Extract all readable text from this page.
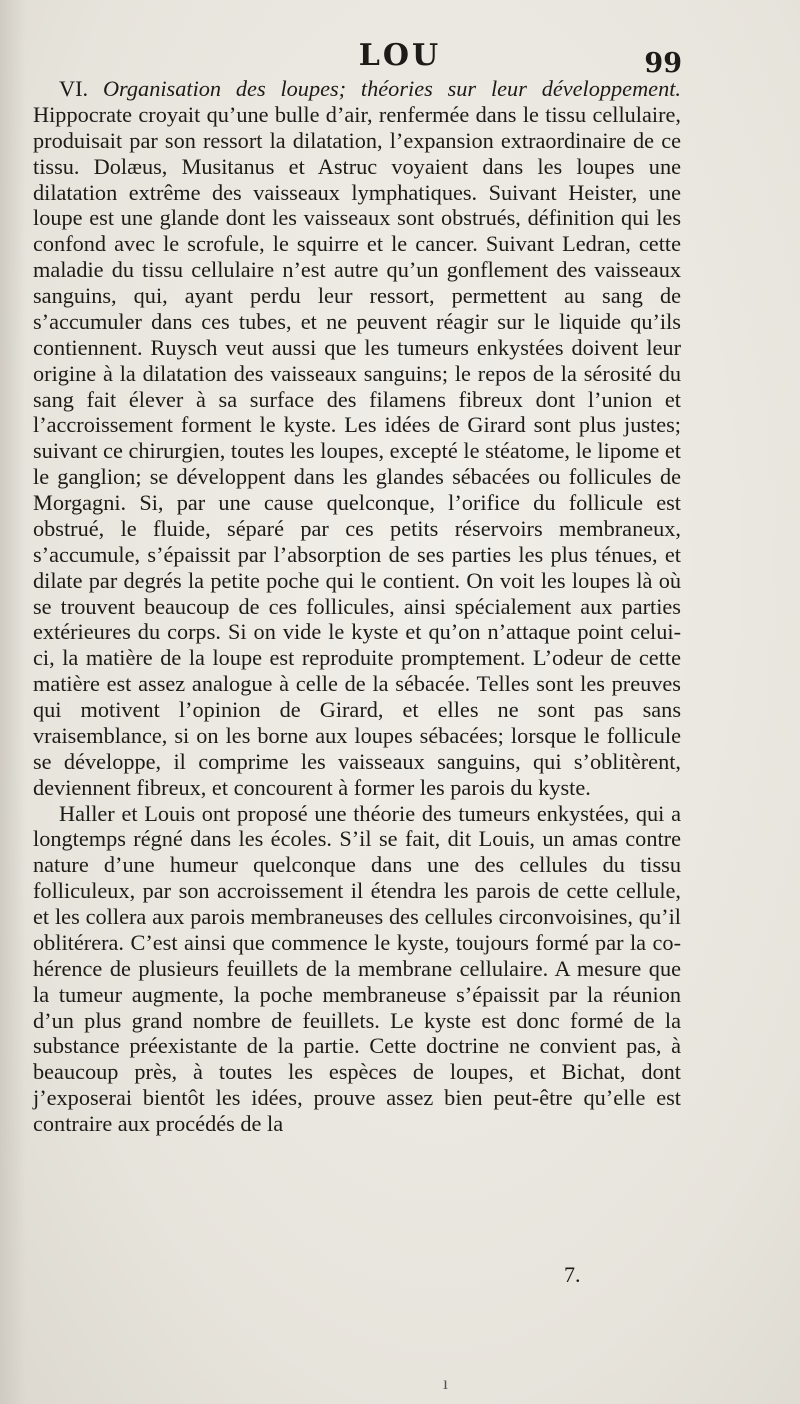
LOU	99

VI. Organisation des loupes; théories sur leur développement. Hippocrate croyait qu’une bulle d’air, renfermée dans le tissu cellulaire, produisait par son ressort la dilatation, l’expansion extraordinaire de ce tissu. Dolæus, Musitanus et Astruc voyaient dans les loupes une dilatation extrême des vaisseaux lymphatiques. Suivant Heister, une loupe est une glande dont les vaisseaux sont obstrués, définition qui les confond avec le scrofule, le squirre et le cancer. Suivant Ledran, cette maladie du tissu cellulaire n’est autre qu’un gonflement des vaisseaux sanguins, qui, ayant perdu leur ressort, permettent au sang de s’accumuler dans ces tubes, et ne peuvent réagir sur le liquide qu’ils contiennent. Ruysch veut aussi que les tumeurs enkystées doivent leur origine à la dilatation des vaisseaux sanguins; le repos de la sérosité du sang fait élever à sa surface des filamens fibreux dont l’union et l’accroissement forment le kyste. Les idées de Girard sont plus justes; suivant ce chirurgien, toutes les loupes, excepté le stéatome, le lipome et le ganglion; se développent dans les glandes sébacées ou follicules de Morgagni. Si, par une cause quelconque, l’orifice du follicule est obstrué, le fluide, séparé par ces petits réservoirs membraneux, s’accumule, s’épaissit par l’absorption de ses parties les plus ténues, et dilate par degrés la petite poche qui le contient. On voit les loupes là où se trouvent beaucoup de ces follicules, ainsi spécialement aux parties extérieures du corps. Si on vide le kyste et qu’on n’attaque point celui-ci, la matière de la loupe est reproduite promptement. L’odeur de cette matière est assez analogue à celle de la sébacée. Telles sont les preuves qui motivent l’opinion de Girard, et elles ne sont pas sans vraisemblance, si on les borne aux loupes sébacées; lorsque le follicule se développe, il comprime les vaisseaux sanguins, qui s’oblitèrent, deviennent fibreux, et concourent à former les parois du kyste.

Haller et Louis ont proposé une théorie des tumeurs enkystées, qui a longtemps régné dans les écoles. S’il se fait, dit Louis, un amas contre nature d’une humeur quelconque dans une des cellules du tissu folliculeux, par son accroissement il étendra les parois de cette cellule, et les collera aux parois membraneuses des cellules circonvoisines, qu’il oblitérera. C’est ainsi que commence le kyste, toujours formé par la cohérence de plusieurs feuillets de la membrane cellulaire. A mesure que la tumeur augmente, la poche membraneuse s’épaissit par la réunion d’un plus grand nombre de feuillets. Le kyste est donc formé de la substance préexistante de la partie. Cette doctrine ne convient pas, à beaucoup près, à toutes les espèces de loupes, et Bichat, dont j’exposerai bientôt les idées, prouve assez bien peut-être qu’elle est contraire aux procédés de la

7.
ı
